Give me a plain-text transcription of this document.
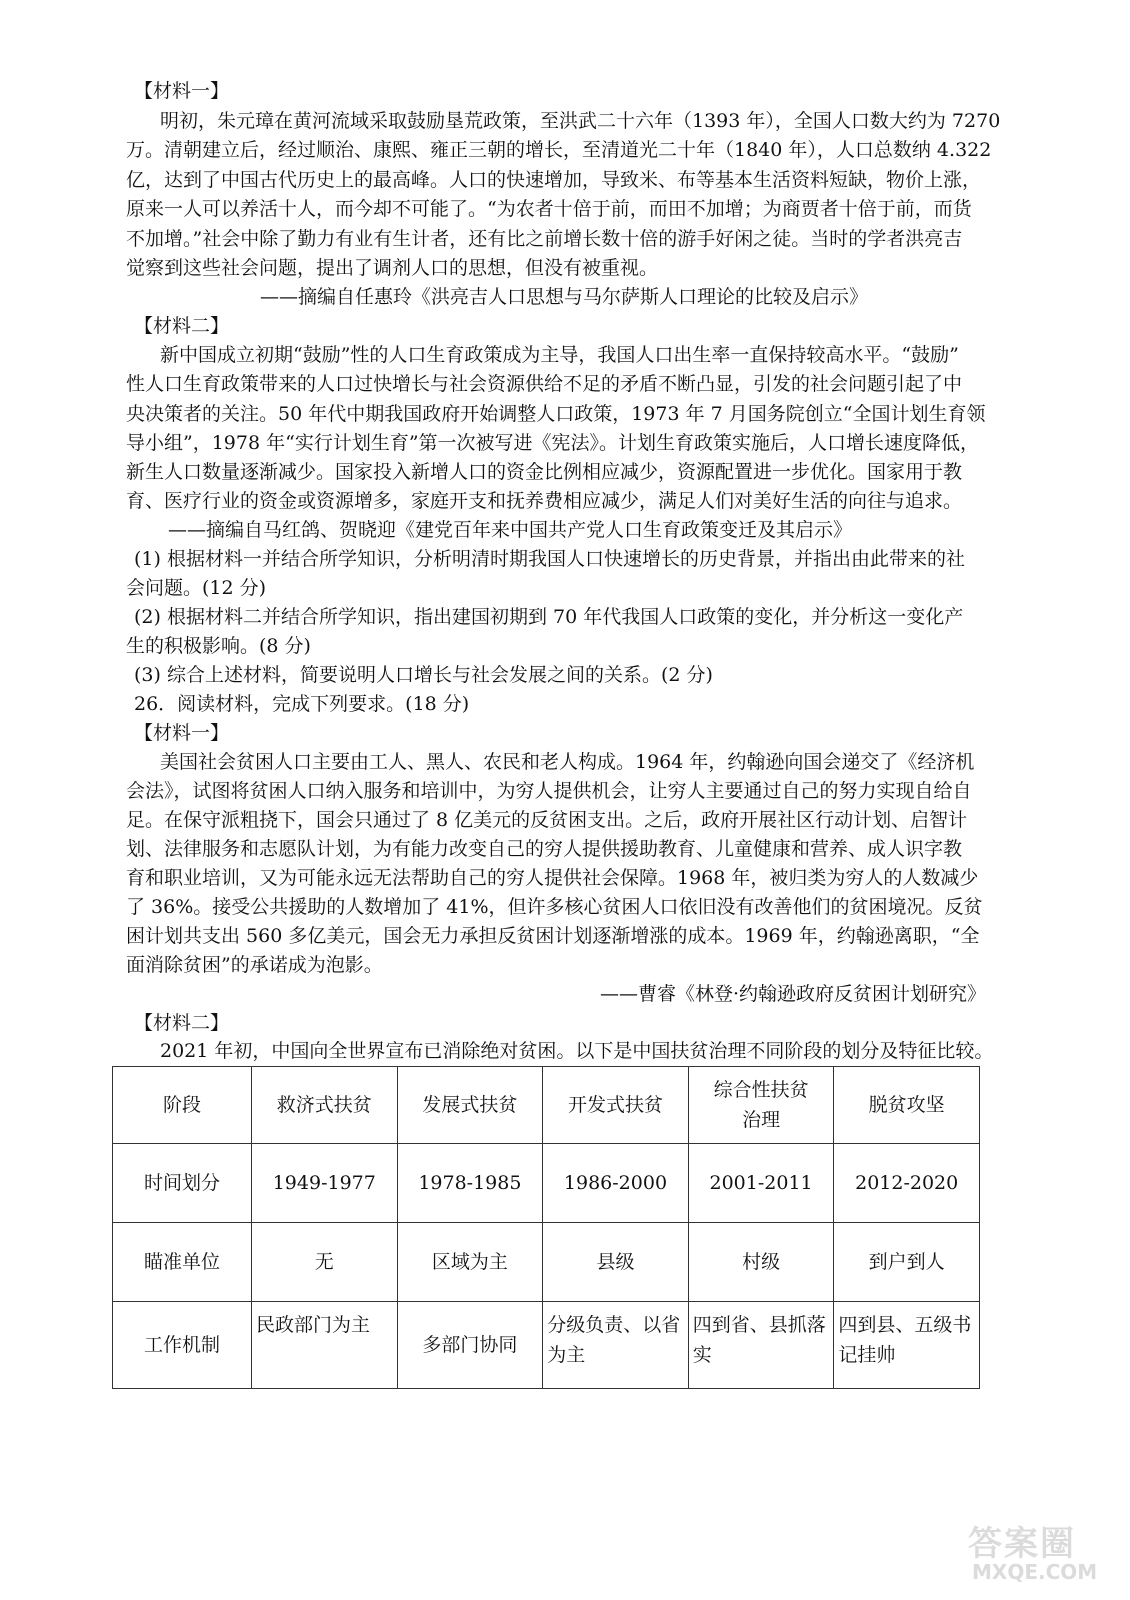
【材料一】
明初，朱元璋在黄河流域采取鼓励垦荒政策，至洪武二十六年（1393 年），全国人口数大约为 7270
万。清朝建立后，经过顺治、康熙、雍正三朝的增长，至清道光二十年（1840 年），人口总数纳 4.322
亿，达到了中国古代历史上的最高峰。人口的快速增加，导致米、布等基本生活资料短缺，物价上涨，
原来一人可以养活十人，而今却不可能了。“为农者十倍于前，而田不加增；为商贾者十倍于前，而货
不加增。”社会中除了勤力有业有生计者，还有比之前增长数十倍的游手好闲之徒。当时的学者洪亮吉
觉察到这些社会问题，提出了调剂人口的思想，但没有被重视。
——摘编自任惠玲《洪亮吉人口思想与马尔萨斯人口理论的比较及启示》
【材料二】
新中国成立初期“鼓励”性的人口生育政策成为主导，我国人口出生率一直保持较高水平。“鼓励”
性人口生育政策带来的人口过快增长与社会资源供给不足的矛盾不断凸显，引发的社会问题引起了中
央决策者的关注。50 年代中期我国政府开始调整人口政策，1973 年 7 月国务院创立“全国计划生育领
导小组”，1978 年“实行计划生育”第一次被写进《宪法》。计划生育政策实施后，人口增长速度降低，
新生人口数量逐渐减少。国家投入新增人口的资金比例相应减少，资源配置进一步优化。国家用于教
育、医疗行业的资金或资源增多，家庭开支和抚养费相应减少，满足人们对美好生活的向往与追求。
——摘编自马红鸽、贺晓迎《建党百年来中国共产党人口生育政策变迁及其启示》
(1) 根据材料一并结合所学知识，分析明清时期我国人口快速增长的历史背景，并指出由此带来的社
会问题。(12 分)
(2) 根据材料二并结合所学知识，指出建国初期到 70 年代我国人口政策的变化，并分析这一变化产
生的积极影响。(8 分)
(3) 综合上述材料，简要说明人口增长与社会发展之间的关系。(2 分)
26．阅读材料，完成下列要求。(18 分)
【材料一】
美国社会贫困人口主要由工人、黑人、农民和老人构成。1964 年，约翰逊向国会递交了《经济机
会法》，试图将贫困人口纳入服务和培训中，为穷人提供机会，让穷人主要通过自己的努力实现自给自
足。在保守派粗挠下，国会只通过了 8 亿美元的反贫困支出。之后，政府开展社区行动计划、启智计
划、法律服务和志愿队计划，为有能力改变自己的穷人提供援助教育、儿童健康和营养、成人识字教
育和职业培训，又为可能永远无法帮助自己的穷人提供社会保障。1968 年，被归类为穷人的人数减少
了 36%。接受公共援助的人数增加了 41%，但许多核心贫困人口依旧没有改善他们的贫困境况。反贫
困计划共支出 560 多亿美元，国会无力承担反贫困计划逐渐增涨的成本。1969 年，约翰逊离职，“全
面消除贫困”的承诺成为泡影。
——曹睿《林登·约翰逊政府反贫困计划研究》
【材料二】
2021 年初，中国向全世界宣布已消除绝对贫困。以下是中国扶贫治理不同阶段的划分及特征比较。
阶段	救济式扶贫	发展式扶贫	开发式扶贫	综合性扶贫治理	脱贫攻坚
时间划分	1949-1977	1978-1985	1986-2000	2001-2011	2012-2020
瞄准单位	无	区域为主	县级	村级	到户到人
工作机制	民政部门为主	多部门协同	分级负责、以省为主	四到省、县抓落实	四到县、五级书记挂帅
答案圈
MXQE.COM
